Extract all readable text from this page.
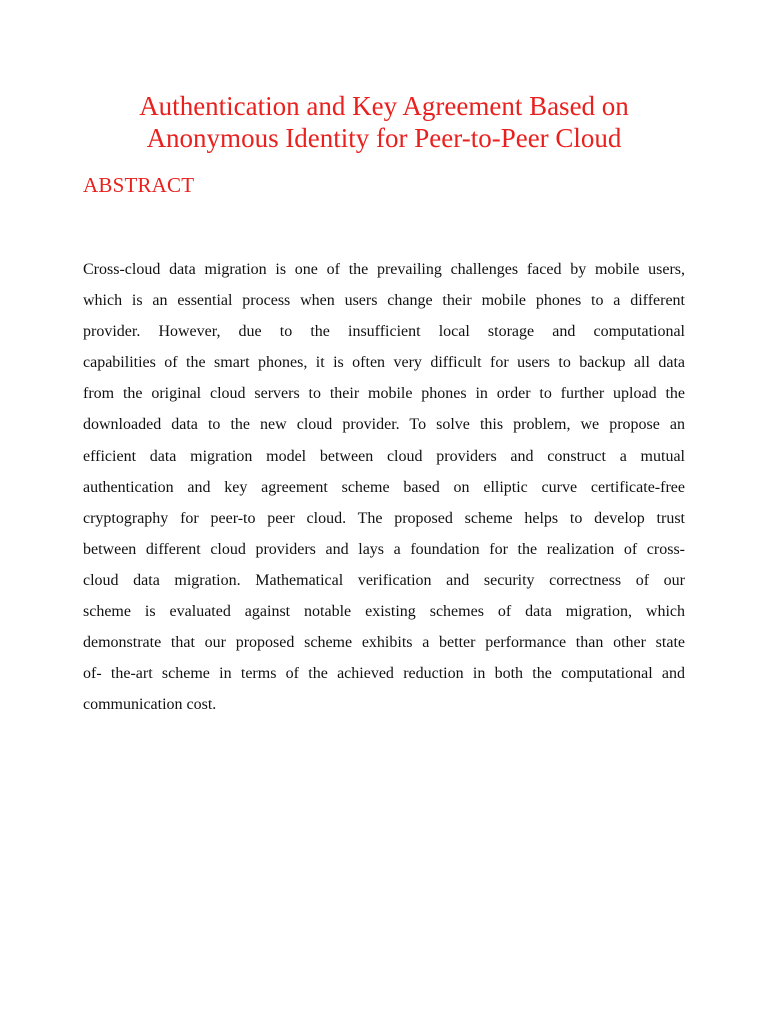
Authentication and Key Agreement Based on
Anonymous Identity for Peer-to-Peer Cloud
ABSTRACT
Cross-cloud data migration is one of the prevailing challenges faced by mobile users,
which is an essential process when users change their mobile phones to a different
provider. However, due to the insufficient local storage and computational
capabilities of the smart phones, it is often very difficult for users to backup all data
from the original cloud servers to their mobile phones in order to further upload the
downloaded data to the new cloud provider. To solve this problem, we propose an
efficient data migration model between cloud providers and construct a mutual
authentication and key agreement scheme based on elliptic curve certificate-free
cryptography for peer-to peer cloud. The proposed scheme helps to develop trust
between different cloud providers and lays a foundation for the realization of cross-
cloud data migration. Mathematical verification and security correctness of our
scheme is evaluated against notable existing schemes of data migration, which
demonstrate that our proposed scheme exhibits a better performance than other state
of- the-art scheme in terms of the achieved reduction in both the computational and
communication cost.
